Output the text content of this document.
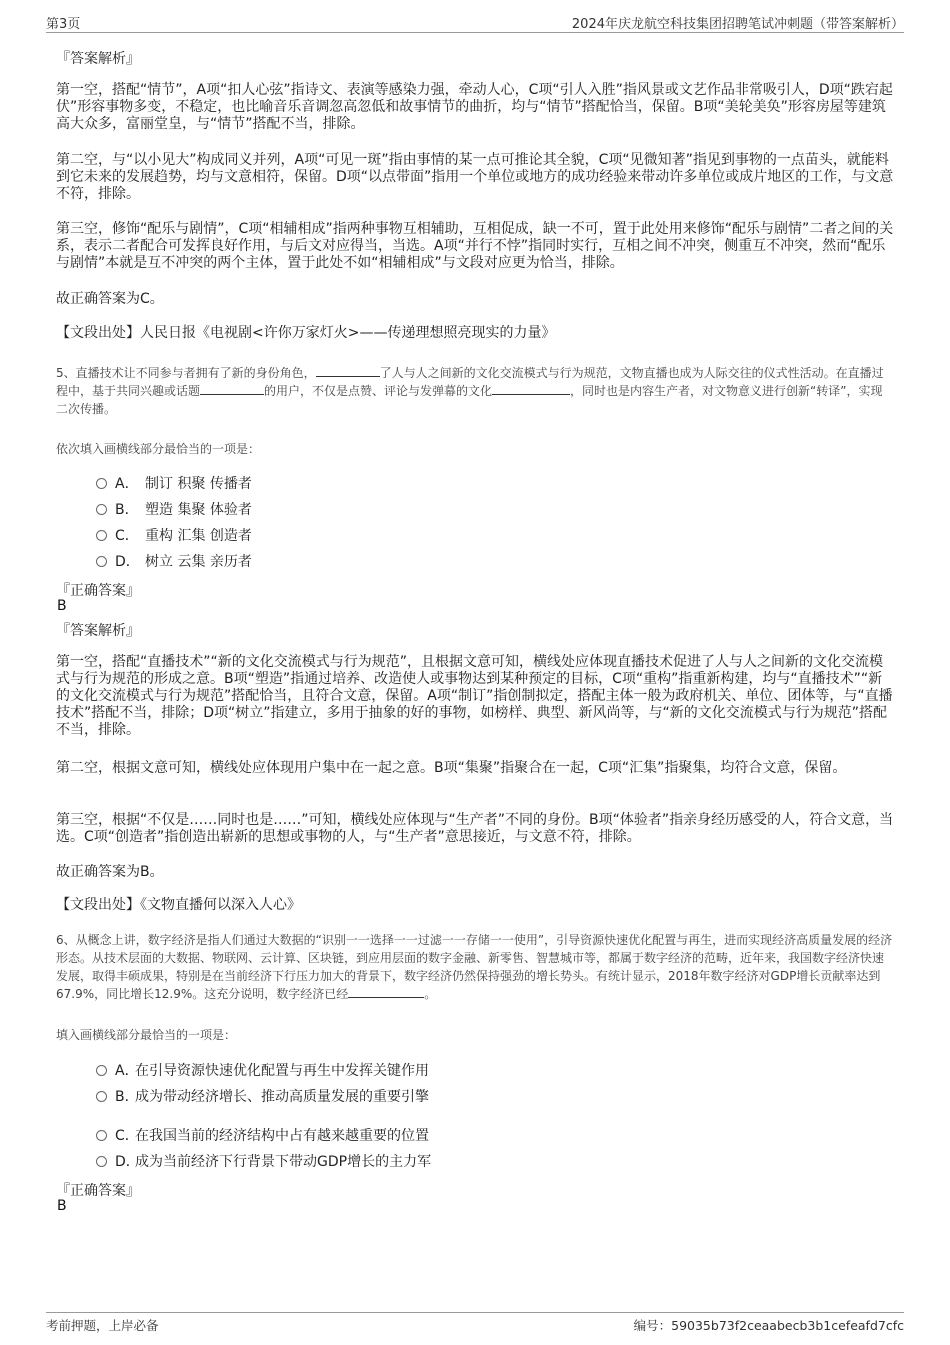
第3页	2024年庆龙航空科技集团招聘笔试冲刺题（带答案解析）
『答案解析』
第一空，搭配“情节”，A项“扣人心弦”指诗文、表演等感染力强，牵动人心，C项“引人入胜”指风景或文艺作品非常吸引人，D项“跌宕起伏”形容事物多变，不稳定，也比喻音乐音调忽高忽低和故事情节的曲折，均与“情节”搭配恰当，保留。B项“美轮美奂”形容房屋等建筑高大众多，富丽堂皇，与“情节”搭配不当，排除。
第二空，与“以小见大”构成同义并列，A项“可见一斑”指由事情的某一点可推论其全貌，C项“见微知著”指见到事物的一点苗头，就能料到它未来的发展趋势，均与文意相符，保留。D项“以点带面”指用一个单位或地方的成功经验来带动许多单位或成片地区的工作，与文意不符，排除。
第三空，修饰“配乐与剧情”，C项“相辅相成”指两种事物互相辅助，互相促成，缺一不可，置于此处用来修饰“配乐与剧情”二者之间的关系，表示二者配合可发挥良好作用，与后文对应得当，当选。A项“并行不悖”指同时实行，互相之间不冲突，侧重互不冲突，然而“配乐与剧情”本就是互不冲突的两个主体，置于此处不如“相辅相成”与文段对应更为恰当，排除。
故正确答案为C。
【文段出处】人民日报《电视剧<许你万家灯火>——传递理想照亮现实的力量》
5、直播技术让不同参与者拥有了新的身份角色，	了人与人之间新的文化交流模式与行为规范，文物直播也成为人际交往的仪式性活动。在直播过程中，基于共同兴趣或话题	的用户，不仅是点赞、评论与发弹幕的文化	，同时也是内容生产者，对文物意义进行创新“转译”，实现二次传播。
依次填入画横线部分最恰当的一项是：
A． 制订 积聚 传播者
B． 塑造 集聚 体验者
C． 重构 汇集 创造者
D． 树立 云集 亲历者
『正确答案』
B
『答案解析』
第一空，搭配“直播技术”“新的文化交流模式与行为规范”，且根据文意可知，横线处应体现直播技术促进了人与人之间新的文化交流模式与行为规范的形成之意。B项“塑造”指通过培养、改造使人或事物达到某种预定的目标，C项“重构”指重新构建，均与“直播技术”“新的文化交流模式与行为规范”搭配恰当，且符合文意，保留。A项“制订”指创制拟定，搭配主体一般为政府机关、单位、团体等，与“直播技术”搭配不当，排除；D项“树立”指建立，多用于抽象的好的事物，如榜样、典型、新风尚等，与“新的文化交流模式与行为规范”搭配不当，排除。
第二空，根据文意可知，横线处应体现用户集中在一起之意。B项“集聚”指聚合在一起，C项“汇集”指聚集，均符合文意，保留。
第三空，根据“不仅是……同时也是……”可知，横线处应体现与“生产者”不同的身份。B项“体验者”指亲身经历感受的人，符合文意，当选。C项“创造者”指创造出崭新的思想或事物的人，与“生产者”意思接近，与文意不符，排除。
故正确答案为B。
【文段出处】《文物直播何以深入人心》
6、从概念上讲，数字经济是指人们通过大数据的“识别一一选择一一过滤一一存储一一使用”，引导资源快速优化配置与再生，进而实现经济高质量发展的经济形态。从技术层面的大数据、物联网、云计算、区块链，到应用层面的数字金融、新零售、智慧城市等，都属于数字经济的范畴，近年来，我国数字经济快速发展，取得丰硕成果，特别是在当前经济下行压力加大的背景下，数字经济仍然保持强劲的增长势头。有统计显示，2018年数字经济对GDP增长贡献率达到67.9%，同比增长12.9%。这充分说明，数字经济已经	。
填入画横线部分最恰当的一项是：
A．在引导资源快速优化配置与再生中发挥关键作用
B．成为带动经济增长、推动高质量发展的重要引擎
C．在我国当前的经济结构中占有越来越重要的位置
D．成为当前经济下行背景下带动GDP增长的主力军
『正确答案』
B
考前押题，上岸必备	编号：59035b73f2ceaabecb3b1cefeafd7cfc
